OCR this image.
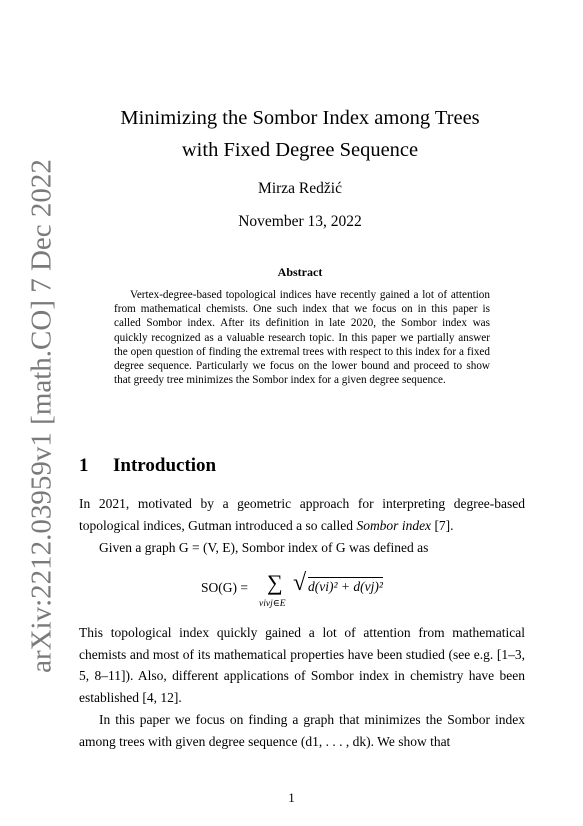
arXiv:2212.03959v1 [math.CO] 7 Dec 2022
Minimizing the Sombor Index among Trees
with Fixed Degree Sequence
Mirza Redžić
November 13, 2022
Abstract
Vertex-degree-based topological indices have recently gained a lot of attention from mathematical chemists. One such index that we focus on in this paper is called Sombor index. After its definition in late 2020, the Sombor index was quickly recognized as a valuable research topic. In this paper we partially answer the open question of finding the extremal trees with respect to this index for a fixed degree sequence. Particularly we focus on the lower bound and proceed to show that greedy tree minimizes the Sombor index for a given degree sequence.
1 Introduction
In 2021, motivated by a geometric approach for interpreting degree-based topological indices, Gutman introduced a so called Sombor index [7].
Given a graph G = (V, E), Sombor index of G was defined as
SO(G) = ∑
vivj∈E
√ d(vi)² + d(vj)²
This topological index quickly gained a lot of attention from mathematical chemists and most of its mathematical properties have been studied (see e.g. [1–3, 5, 8–11]). Also, different applications of Sombor index in chemistry have been established [4, 12].
In this paper we focus on finding a graph that minimizes the Sombor index among trees with given degree sequence (d1, . . . , dk). We show that
1
